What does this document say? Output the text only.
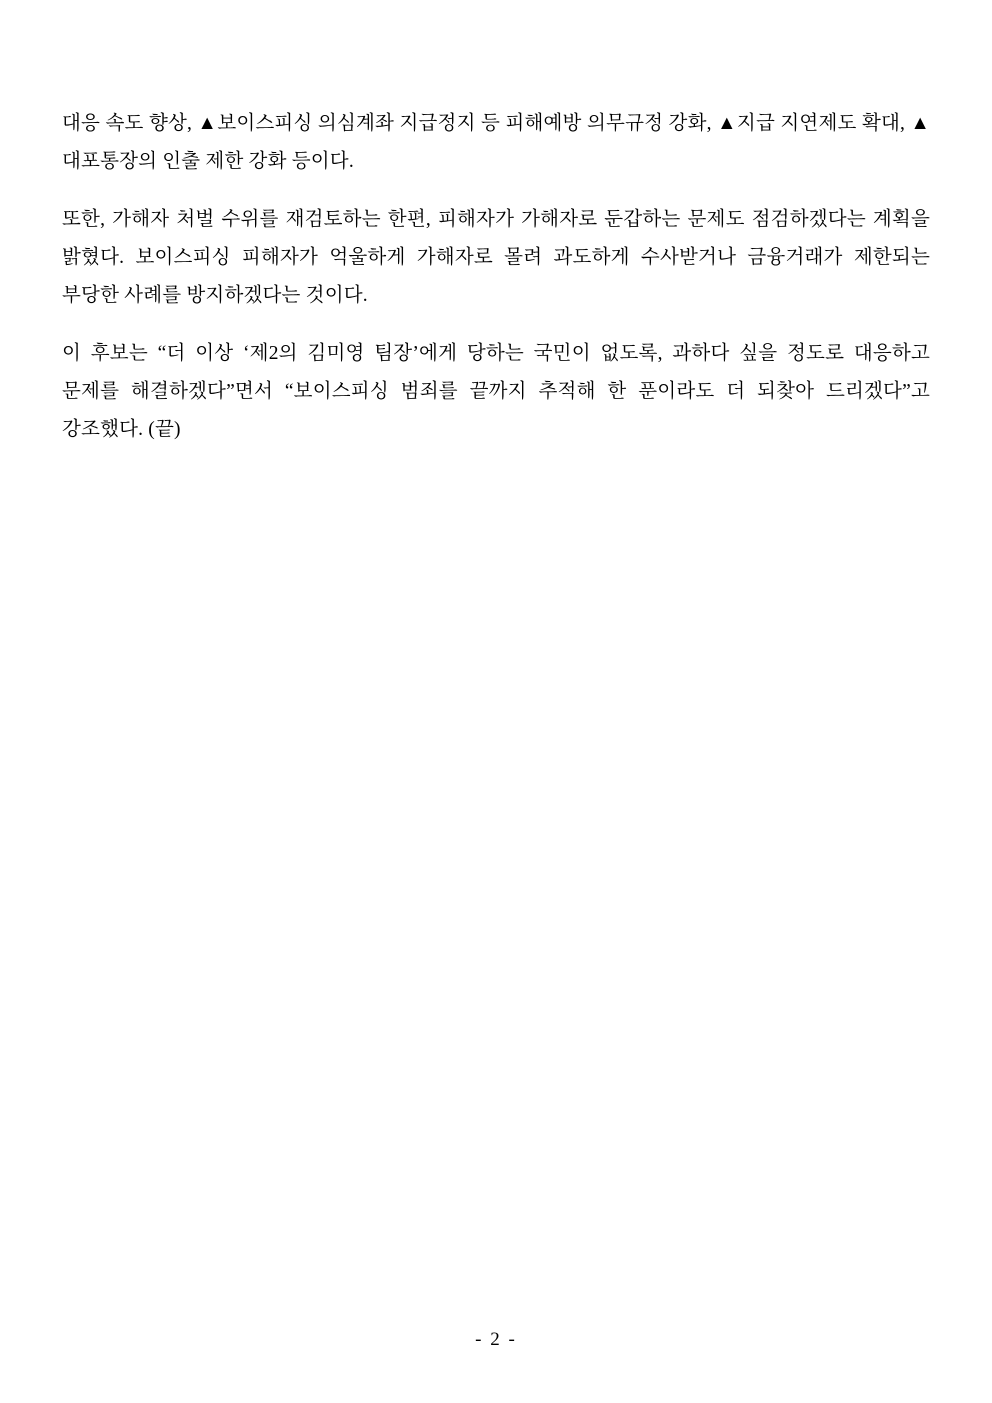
대응 속도 향상, ▲보이스피싱 의심계좌 지급정지 등 피해예방 의무규정 강화, ▲지급 지연제도 확대, ▲대포통장의 인출 제한 강화 등이다.

또한, 가해자 처벌 수위를 재검토하는 한편, 피해자가 가해자로 둔갑하는 문제도 점검하겠다는 계획을 밝혔다. 보이스피싱 피해자가 억울하게 가해자로 몰려 과도하게 수사받거나 금융거래가 제한되는 부당한 사례를 방지하겠다는 것이다.

이 후보는 “더 이상 ‘제2의 김미영 팀장’에게 당하는 국민이 없도록, 과하다 싶을 정도로 대응하고 문제를 해결하겠다”면서 “보이스피싱 범죄를 끝까지 추적해 한 푼이라도 더 되찾아 드리겠다”고 강조했다. (끝)

- 2 -
